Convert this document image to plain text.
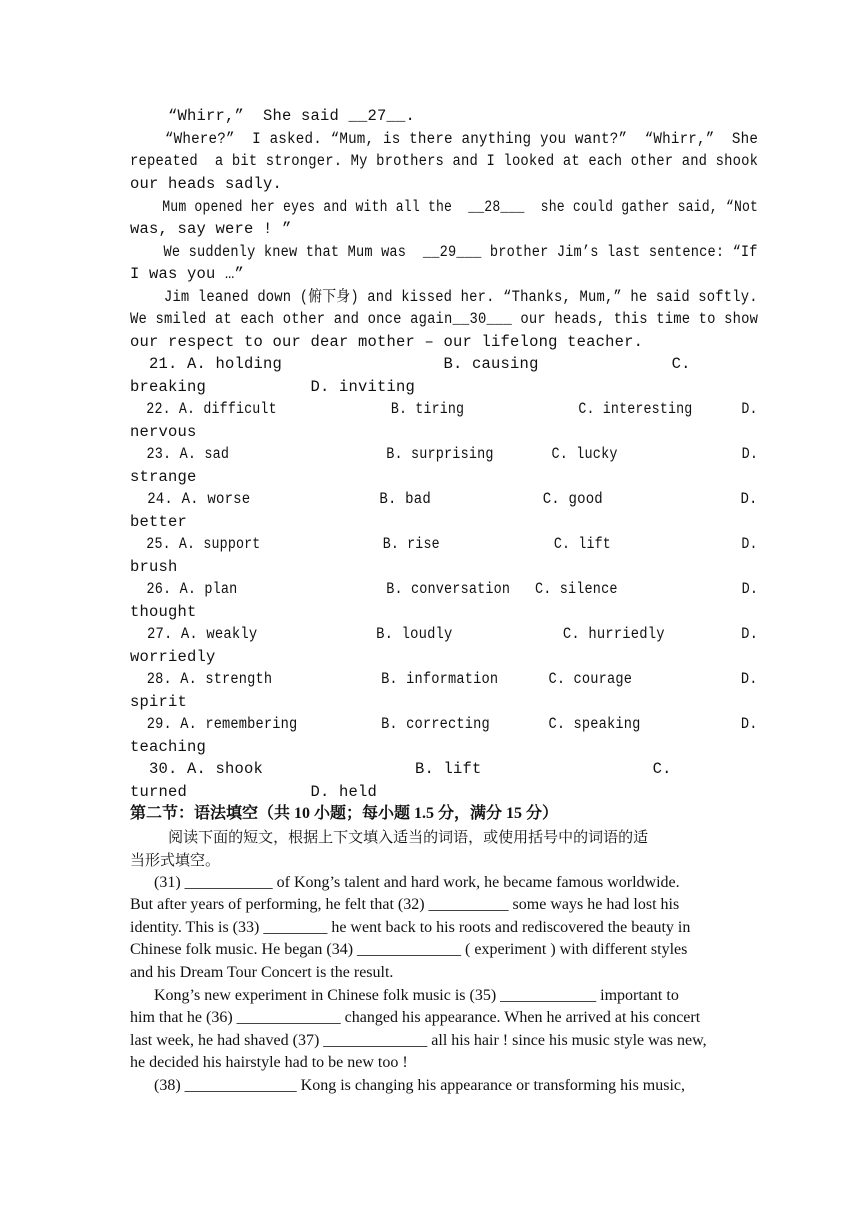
“Whirr,”  She said __27__.
“Where?”  I asked. “Mum, is there anything you want?”  “Whirr,”  She
repeated  a bit stronger. My brothers and I looked at each other and shook
our heads sadly.
Mum opened her eyes and with all the  __28___  she could gather said, “Not
was, say were ! ”
We suddenly knew that Mum was  __29___ brother Jim’s last sentence: “If
I was you …”
Jim leaned down (俯下身) and kissed her. “Thanks, Mum,” he said softly.
We smiled at each other and once again__30___ our heads, this time to show
our respect to our dear mother – our lifelong teacher.
21. A. holding                 B. causing              C.
breaking           D. inviting
22. A. difficult              B. tiring              C. interesting      D.
nervous
23. A. sad                   B. surprising       C. lucky               D.
strange
24. A. worse               B. bad             C. good                D.
better
25. A. support               B. rise              C. lift                D.
brush
26. A. plan                  B. conversation   C. silence               D.
thought
27. A. weakly              B. loudly             C. hurriedly         D.
worriedly
28. A. strength             B. information      C. courage             D.
spirit
29. A. remembering          B. correcting       C. speaking            D.
teaching
30. A. shook                B. lift                  C.
turned             D. held
第二节：语法填空（共 10 小题；每小题 1.5 分，满分 15 分）
阅读下面的短文，根据上下文填入适当的词语，或使用括号中的词语的适
当形式填空。
(31) ___________ of Kong’s talent and hard work, he became famous worldwide.
But after years of performing, he felt that (32) __________ some ways he had lost his
identity. This is (33) ________ he went back to his roots and rediscovered the beauty in
Chinese folk music. He began (34) _____________ ( experiment ) with different styles
and his Dream Tour Concert is the result.
Kong’s new experiment in Chinese folk music is (35) ____________ important to
him that he (36) _____________ changed his appearance. When he arrived at his concert
last week, he had shaved (37) _____________ all his hair ! since his music style was new,
he decided his hairstyle had to be new too !
(38) ______________ Kong is changing his appearance or transforming his music,
